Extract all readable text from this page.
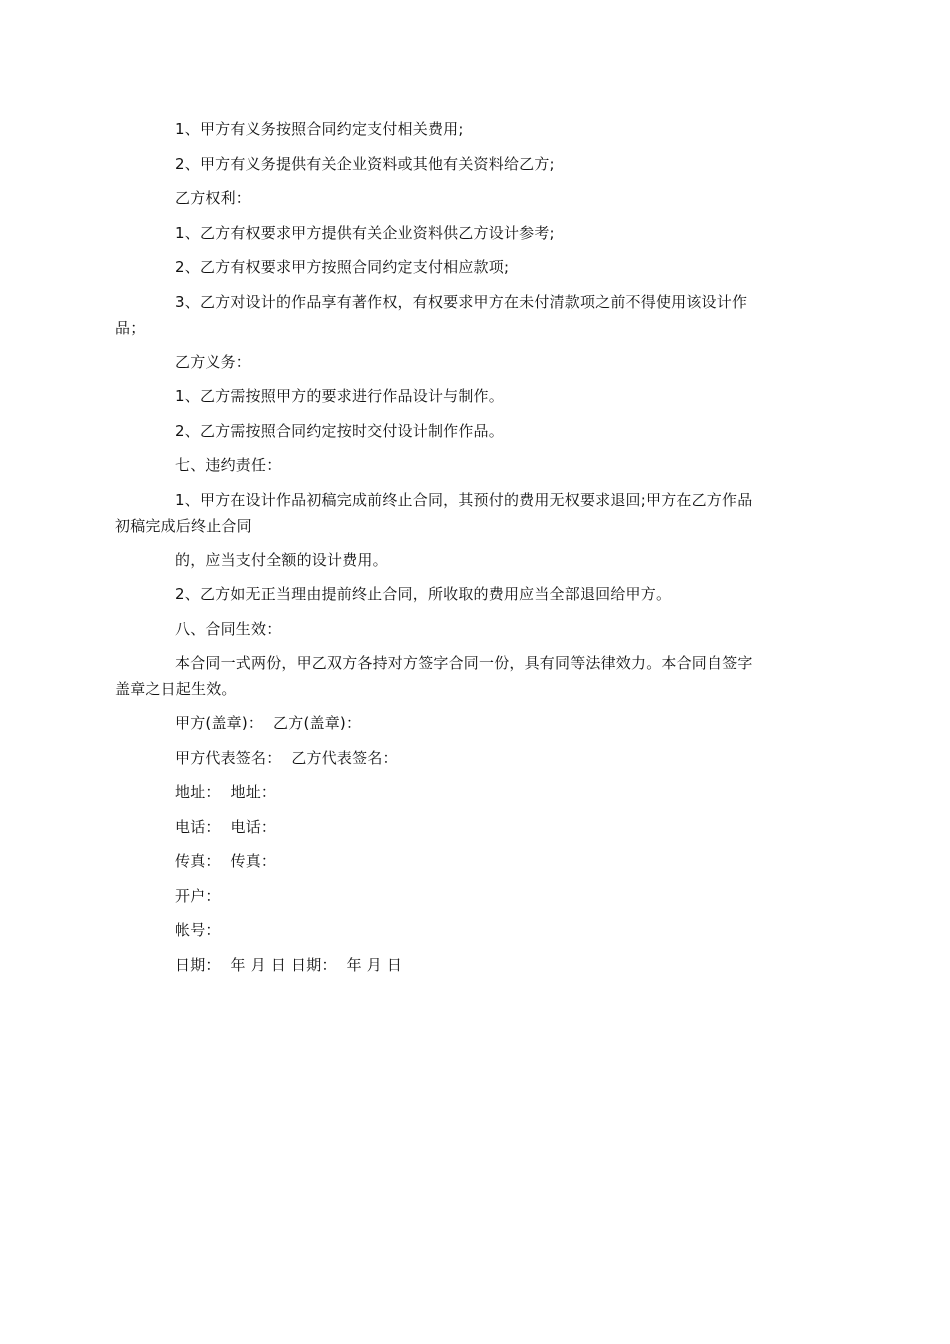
1、甲方有义务按照合同约定支付相关费用;

2、甲方有义务提供有关企业资料或其他有关资料给乙方;

乙方权利：

1、乙方有权要求甲方提供有关企业资料供乙方设计参考;

2、乙方有权要求甲方按照合同约定支付相应款项;

3、乙方对设计的作品享有著作权，有权要求甲方在未付清款项之前不得使用该设计作
品；

乙方义务：

1、乙方需按照甲方的要求进行作品设计与制作。

2、乙方需按照合同约定按时交付设计制作作品。

七、违约责任：

1、甲方在设计作品初稿完成前终止合同，其预付的费用无权要求退回;甲方在乙方作品
初稿完成后终止合同

的，应当支付全额的设计费用。

2、乙方如无正当理由提前终止合同，所收取的费用应当全部退回给甲方。

八、合同生效：

本合同一式两份，甲乙双方各持对方签字合同一份，具有同等法律效力。本合同自签字
盖章之日起生效。

甲方(盖章)：  乙方(盖章)：

甲方代表签名：  乙方代表签名：

地址：  地址：

电话：  电话：

传真：  传真：

开户：

帐号：

日期：  年 月 日 日期：  年 月 日
